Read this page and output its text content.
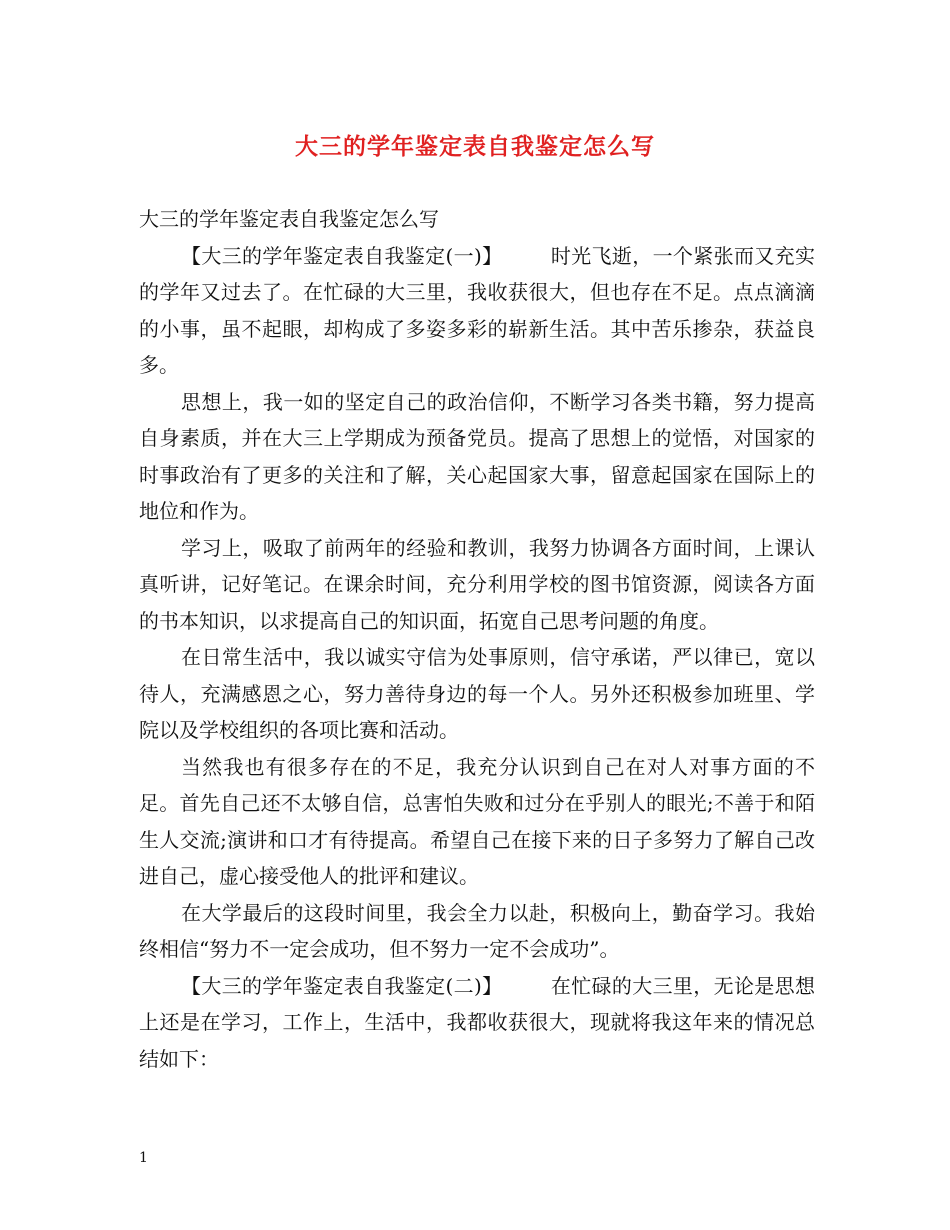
大三的学年鉴定表自我鉴定怎么写

大三的学年鉴定表自我鉴定怎么写

【大三的学年鉴定表自我鉴定(一)】 时光飞逝，一个紧张而又充实的学年又过去了。在忙碌的大三里，我收获很大，但也存在不足。点点滴滴的小事，虽不起眼，却构成了多姿多彩的崭新生活。其中苦乐掺杂，获益良多。

思想上，我一如的坚定自己的政治信仰，不断学习各类书籍，努力提高自身素质，并在大三上学期成为预备党员。提高了思想上的觉悟，对国家的时事政治有了更多的关注和了解，关心起国家大事，留意起国家在国际上的地位和作为。

学习上，吸取了前两年的经验和教训，我努力协调各方面时间，上课认真听讲，记好笔记。在课余时间，充分利用学校的图书馆资源，阅读各方面的书本知识，以求提高自己的知识面，拓宽自己思考问题的角度。

在日常生活中，我以诚实守信为处事原则，信守承诺，严以律已，宽以待人，充满感恩之心，努力善待身边的每一个人。另外还积极参加班里、学院以及学校组织的各项比赛和活动。

当然我也有很多存在的不足，我充分认识到自己在对人对事方面的不足。首先自己还不太够自信，总害怕失败和过分在乎别人的眼光;不善于和陌生人交流;演讲和口才有待提高。希望自己在接下来的日子多努力了解自己改进自己，虚心接受他人的批评和建议。

在大学最后的这段时间里，我会全力以赴，积极向上，勤奋学习。我始终相信“努力不一定会成功，但不努力一定不会成功”。

【大三的学年鉴定表自我鉴定(二)】 在忙碌的大三里，无论是思想上还是在学习，工作上，生活中，我都收获很大，现就将我这年来的情况总结如下：

1
